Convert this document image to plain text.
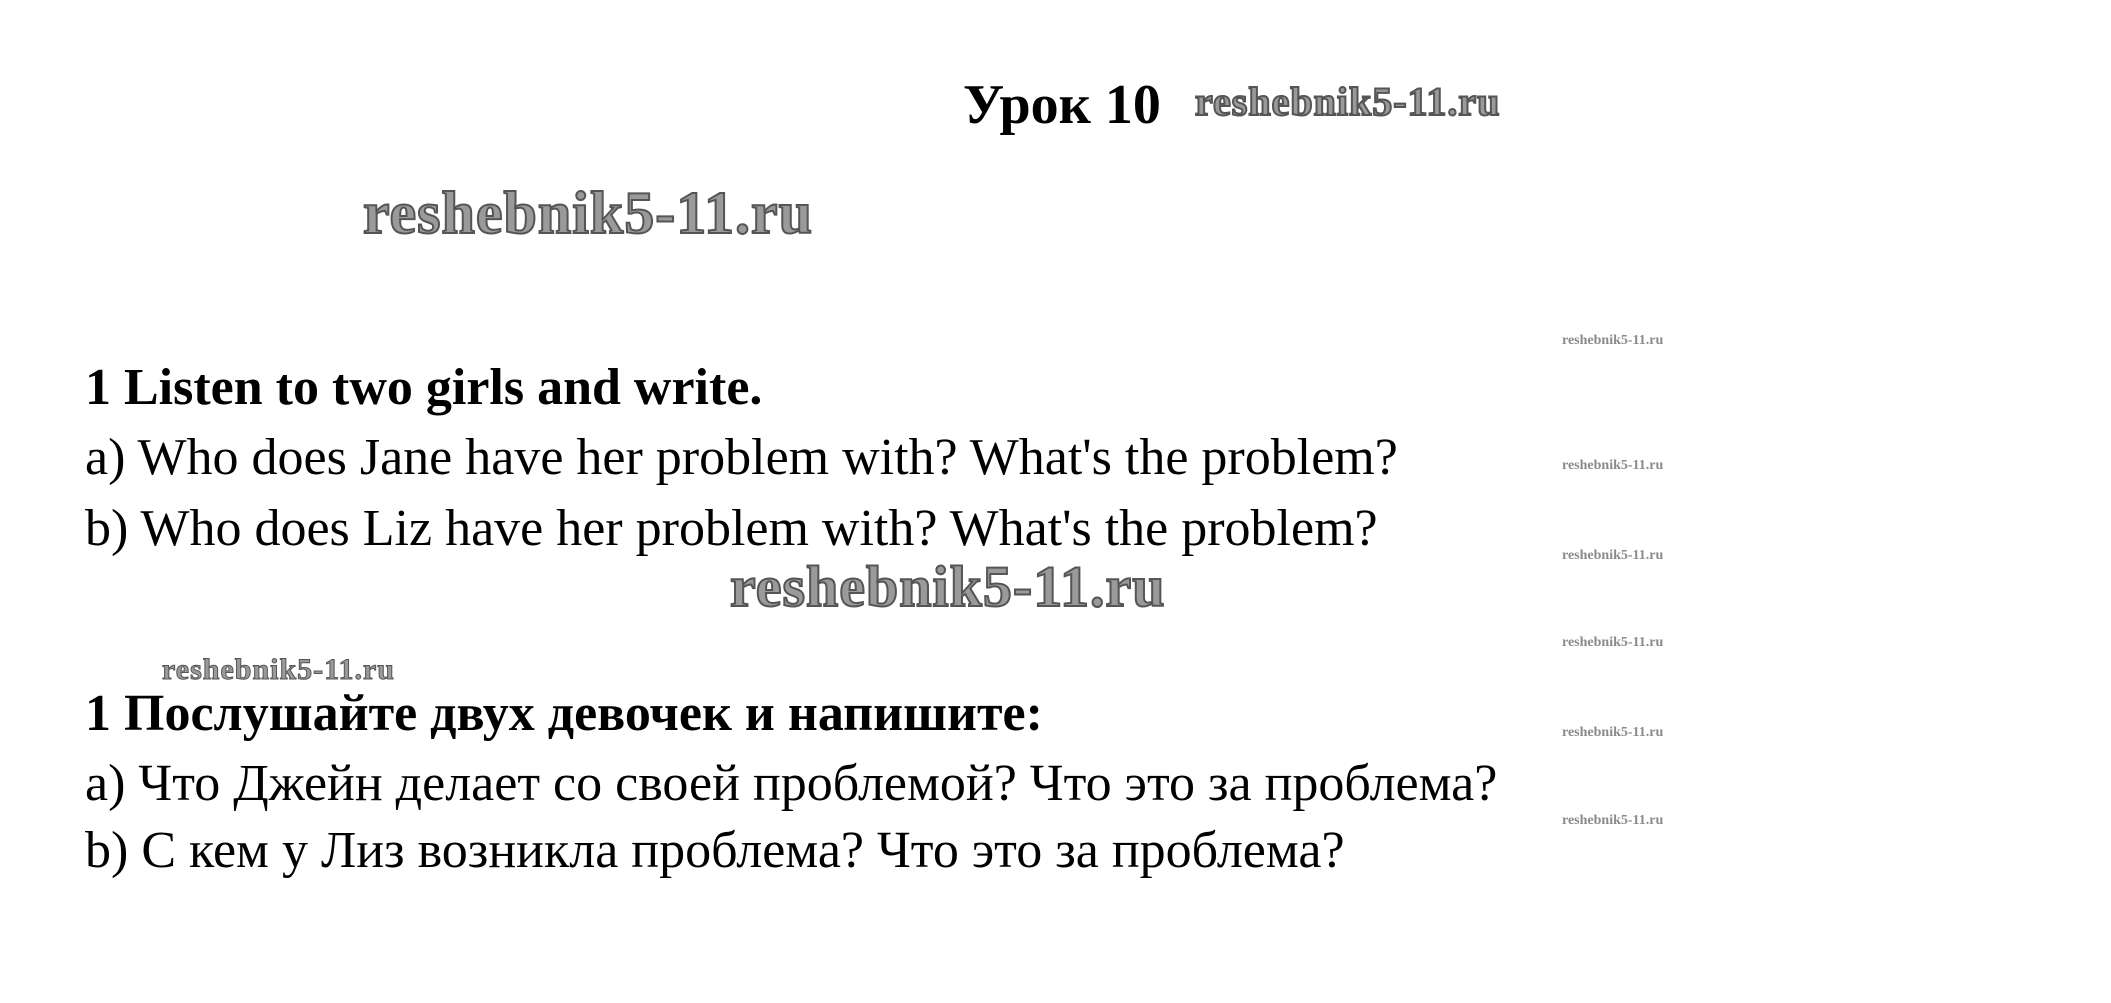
Урок 10 reshebnik5-11.ru
reshebnik5-11.ru
reshebnik5-11.ru
reshebnik5-11.ru
reshebnik5-11.ru
reshebnik5-11.ru
reshebnik5-11.ru
reshebnik5-11.ru
reshebnik5-11.ru
reshebnik5-11.ru
1 Listen to two girls and write.
a) Who does Jane have her problem with? What's the problem?
b) Who does Liz have her problem with? What's the problem?
1 Послушайте двух девочек и напишите:
a) Что Джейн делает со своей проблемой? Что это за проблема?
b) С кем у Лиз возникла проблема? Что это за проблема?
